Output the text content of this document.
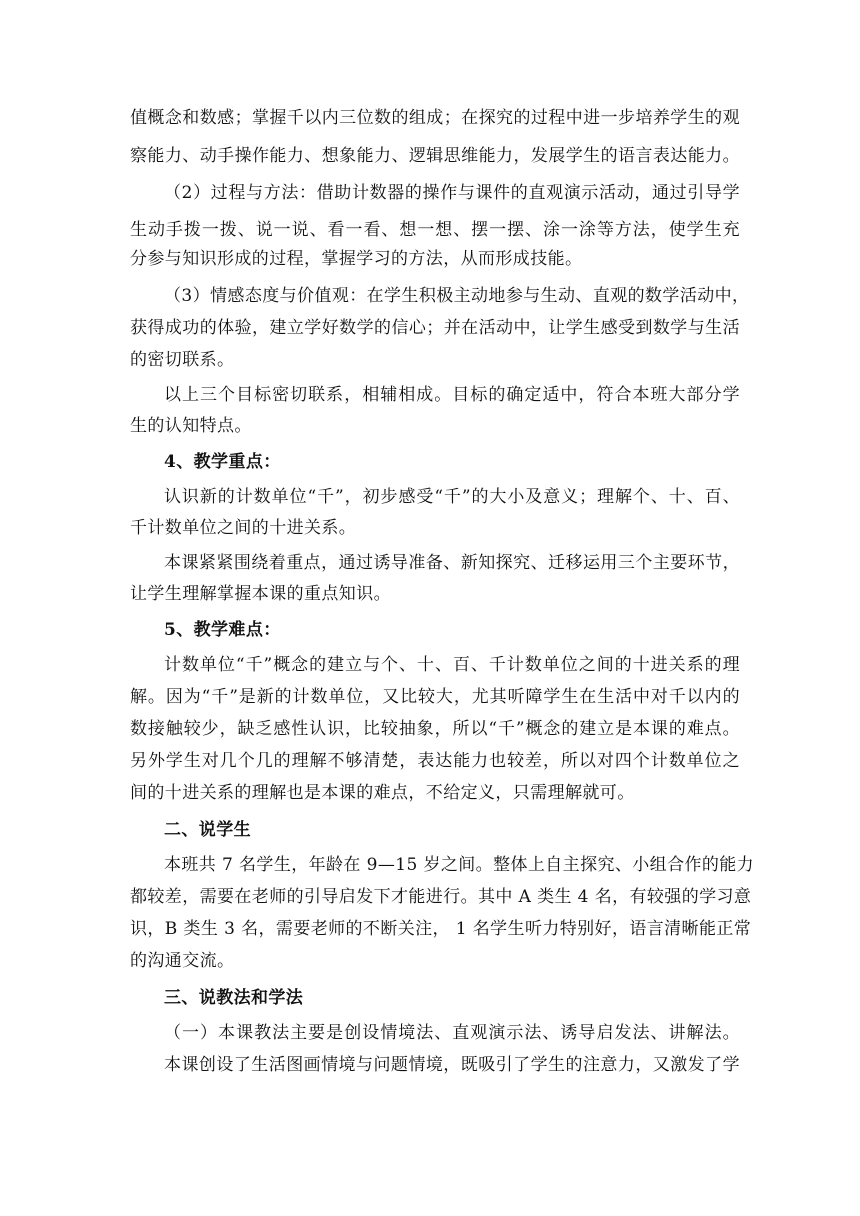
值概念和数感；掌握千以内三位数的组成；在探究的过程中进一步培养学生的观
察能力、动手操作能力、想象能力、逻辑思维能力，发展学生的语言表达能力。
（2）过程与方法：借助计数器的操作与课件的直观演示活动，通过引导学
生动手拨一拨、说一说、看一看、想一想、摆一摆、涂一涂等方法，使学生充
分参与知识形成的过程，掌握学习的方法，从而形成技能。
（3）情感态度与价值观：在学生积极主动地参与生动、直观的数学活动中，
获得成功的体验，建立学好数学的信心；并在活动中，让学生感受到数学与生活
的密切联系。
以上三个目标密切联系，相辅相成。目标的确定适中，符合本班大部分学
生的认知特点。
4、教学重点：
认识新的计数单位“千”，初步感受“千”的大小及意义；理解个、十、百、
千计数单位之间的十进关系。
本课紧紧围绕着重点，通过诱导准备、新知探究、迁移运用三个主要环节，
让学生理解掌握本课的重点知识。
5、教学难点：
计数单位“千”概念的建立与个、十、百、千计数单位之间的十进关系的理
解。因为“千”是新的计数单位，又比较大，尤其听障学生在生活中对千以内的
数接触较少，缺乏感性认识，比较抽象，所以“千”概念的建立是本课的难点。
另外学生对几个几的理解不够清楚，表达能力也较差，所以对四个计数单位之
间的十进关系的理解也是本课的难点，不给定义，只需理解就可。
二、说学生
本班共 7 名学生，年龄在 9—15 岁之间。整体上自主探究、小组合作的能力
都较差，需要在老师的引导启发下才能进行。其中 A 类生 4 名，有较强的学习意
识，B 类生 3 名，需要老师的不断关注， 1 名学生听力特别好，语言清晰能正常
的沟通交流。
三、说教法和学法
（一）本课教法主要是创设情境法、直观演示法、诱导启发法、讲解法。
本课创设了生活图画情境与问题情境，既吸引了学生的注意力，又激发了学
